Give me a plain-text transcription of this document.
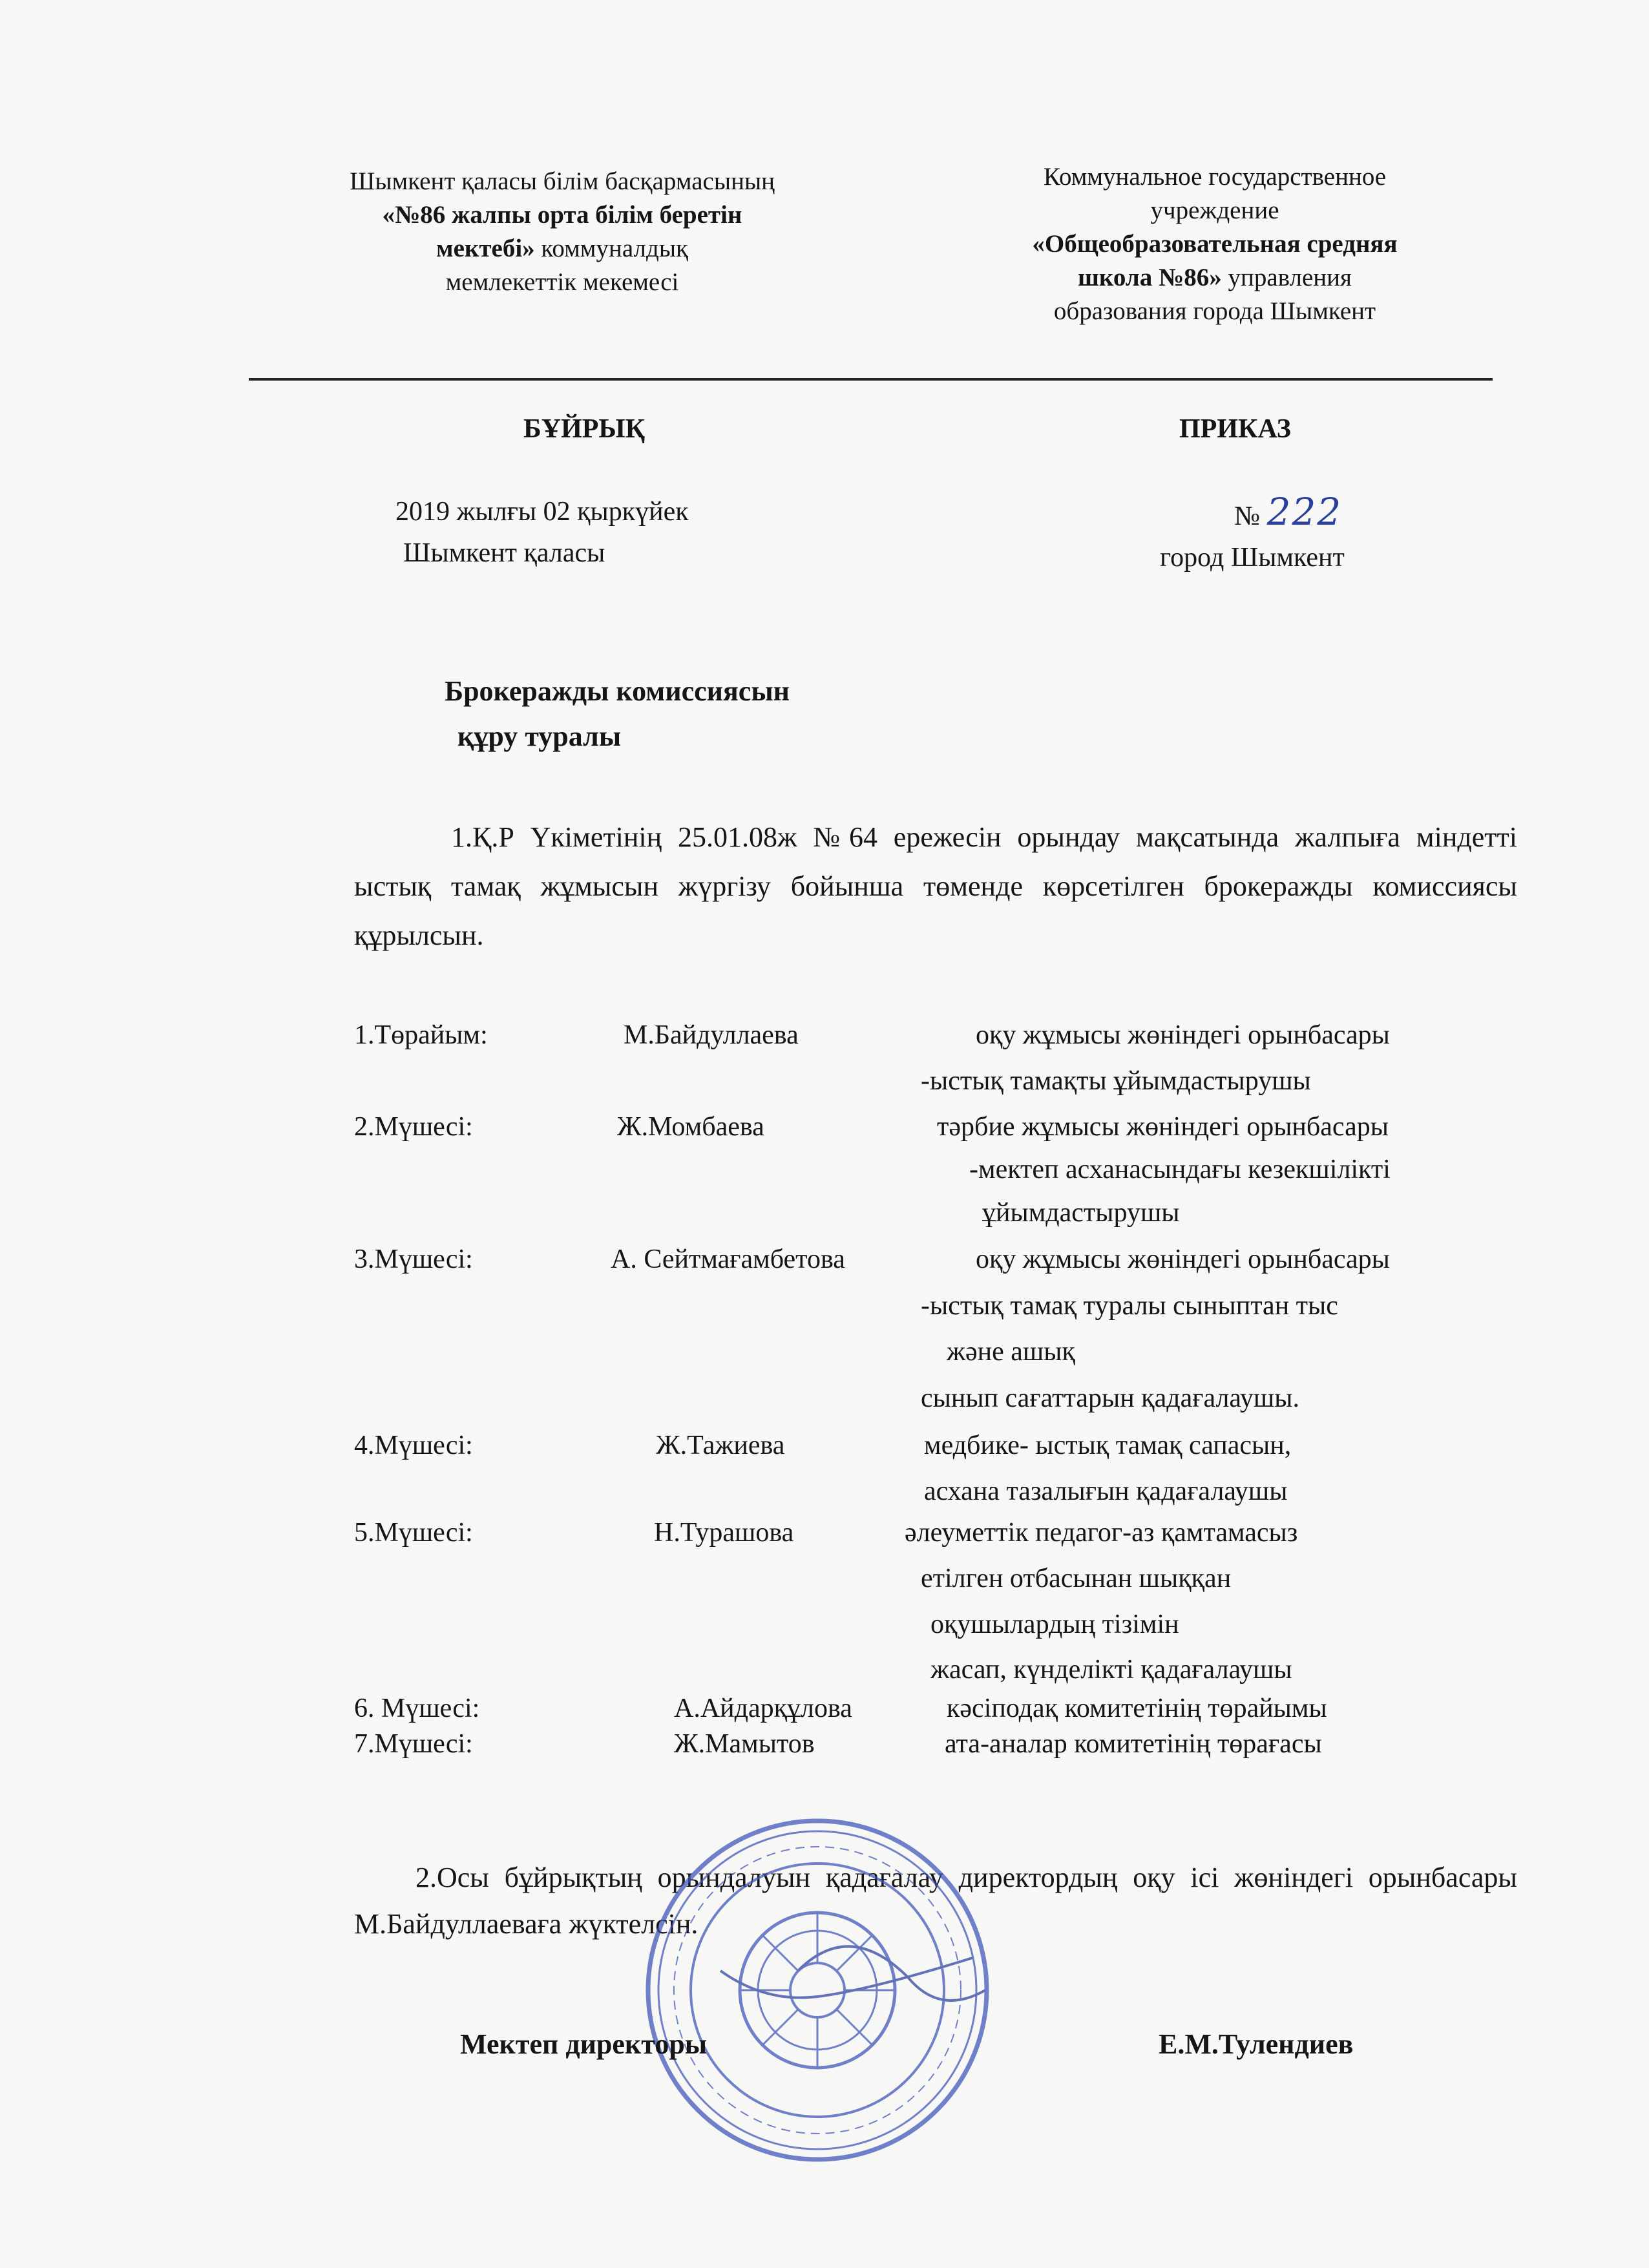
Шымкент қаласы білім басқармасының
«№86 жалпы орта білім беретін
мектебі» коммуналдық
мемлекеттік мекемесі
Коммунальное государственное
учреждение
«Общеобразовательная средняя
школа №86» управления
образования города Шымкент
БҰЙРЫҚ	ПРИКАЗ
2019 жылғы 02 қыркүйек
Шымкент қаласы
№ 222
город Шымкент
Брокеражды комиссиясын
құру туралы
1.Қ.Р Үкіметінің 25.01.08ж №64 ережесін орындау мақсатында жалпыға міндетті ыстық тамақ жұмысын жүргізу бойынша төменде көрсетілген брокеражды комиссиясы құрылсын.
1.Төрайым:	М.Байдуллаева	оқу жұмысы жөніндегі орынбасары
-ыстық тамақты ұйымдастырушы
2.Мүшесі:	Ж.Момбаева	тәрбие жұмысы жөніндегі орынбасары
-мектеп асханасындағы кезекшілікті
ұйымдастырушы
3.Мүшесі:	А. Сейтмағамбетова	оқу жұмысы жөніндегі орынбасары
-ыстық тамақ туралы сыныптан тыс
және ашық
сынып сағаттарын қадағалаушы.
4.Мүшесі:	Ж.Тажиева	медбике- ыстық тамақ сапасын,
асхана тазалығын қадағалаушы
5.Мүшесі:	Н.Турашова	әлеуметтік педагог-аз қамтамасыз
етілген отбасынан шыққан
оқушылардың тізімін
жасап, күнделікті қадағалаушы
6. Мүшесі:	А.Айдарқұлова	кәсіподақ комитетінің төрайымы
7.Мүшесі:	Ж.Мамытов	ата-аналар комитетінің төрағасы
2.Осы бұйрықтың орындалуын қадағалау директордың оқу ісі жөніндегі орынбасары М.Байдуллаеваға жүктелсін.
Мектеп директоры	Е.М.Тулендиев
